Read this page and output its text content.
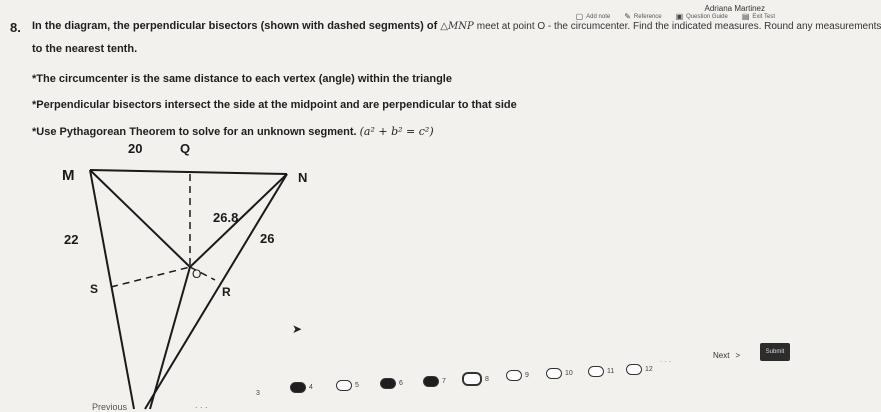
Adriana Martinez
▢ Add note ✎ Reference ▣ Question Guide ▤ Exit Test
8. In the diagram, the perpendicular bisectors (shown with dashed segments) of △MNP meet at point O - the circumcenter. Find the indicated measures. Round any measurements
to the nearest tenth.
*The circumcenter is the same distance to each vertex (angle) within the triangle
*Perpendicular bisectors intersect the side at the midpoint and are perpendicular to that side
*Use Pythagorean Theorem to solve for an unknown segment. (a² + b² = c²)
M
Q
N
S
O
R
20
26.8
22	26
➤
3
4	5	6	7	8	9	10	11	12
. . .	Next >	Submit
. . .
Previous
